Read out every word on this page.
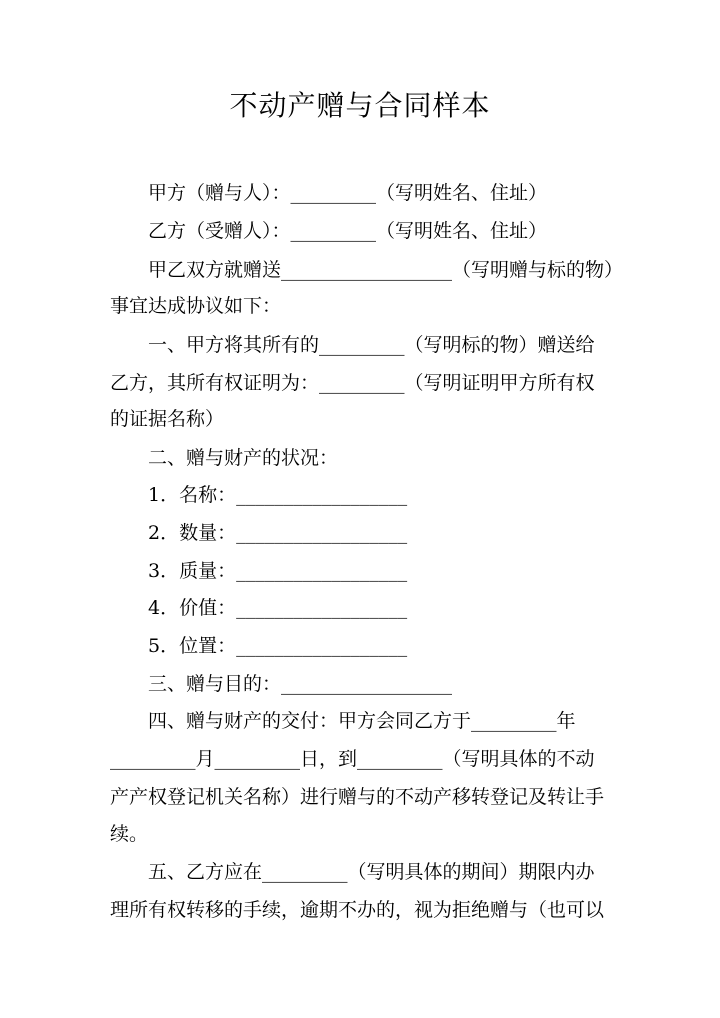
不动产赠与合同样本
甲方（赠与人）：_________（写明姓名、住址）
乙方（受赠人）：_________（写明姓名、住址）
甲乙双方就赠送__________________（写明赠与标的物）
事宜达成协议如下：
一、甲方将其所有的_________（写明标的物）赠送给
乙方，其所有权证明为：_________（写明证明甲方所有权
的证据名称）
二、赠与财产的状况：
1．名称：__________________
2．数量：__________________
3．质量：__________________
4．价值：__________________
5．位置：__________________
三、赠与目的：__________________
四、赠与财产的交付：甲方会同乙方于_________年
_________月_________日，到_________（写明具体的不动
产产权登记机关名称）进行赠与的不动产移转登记及转让手
续。
五、乙方应在_________（写明具体的期间）期限内办
理所有权转移的手续，逾期不办的，视为拒绝赠与（也可以
